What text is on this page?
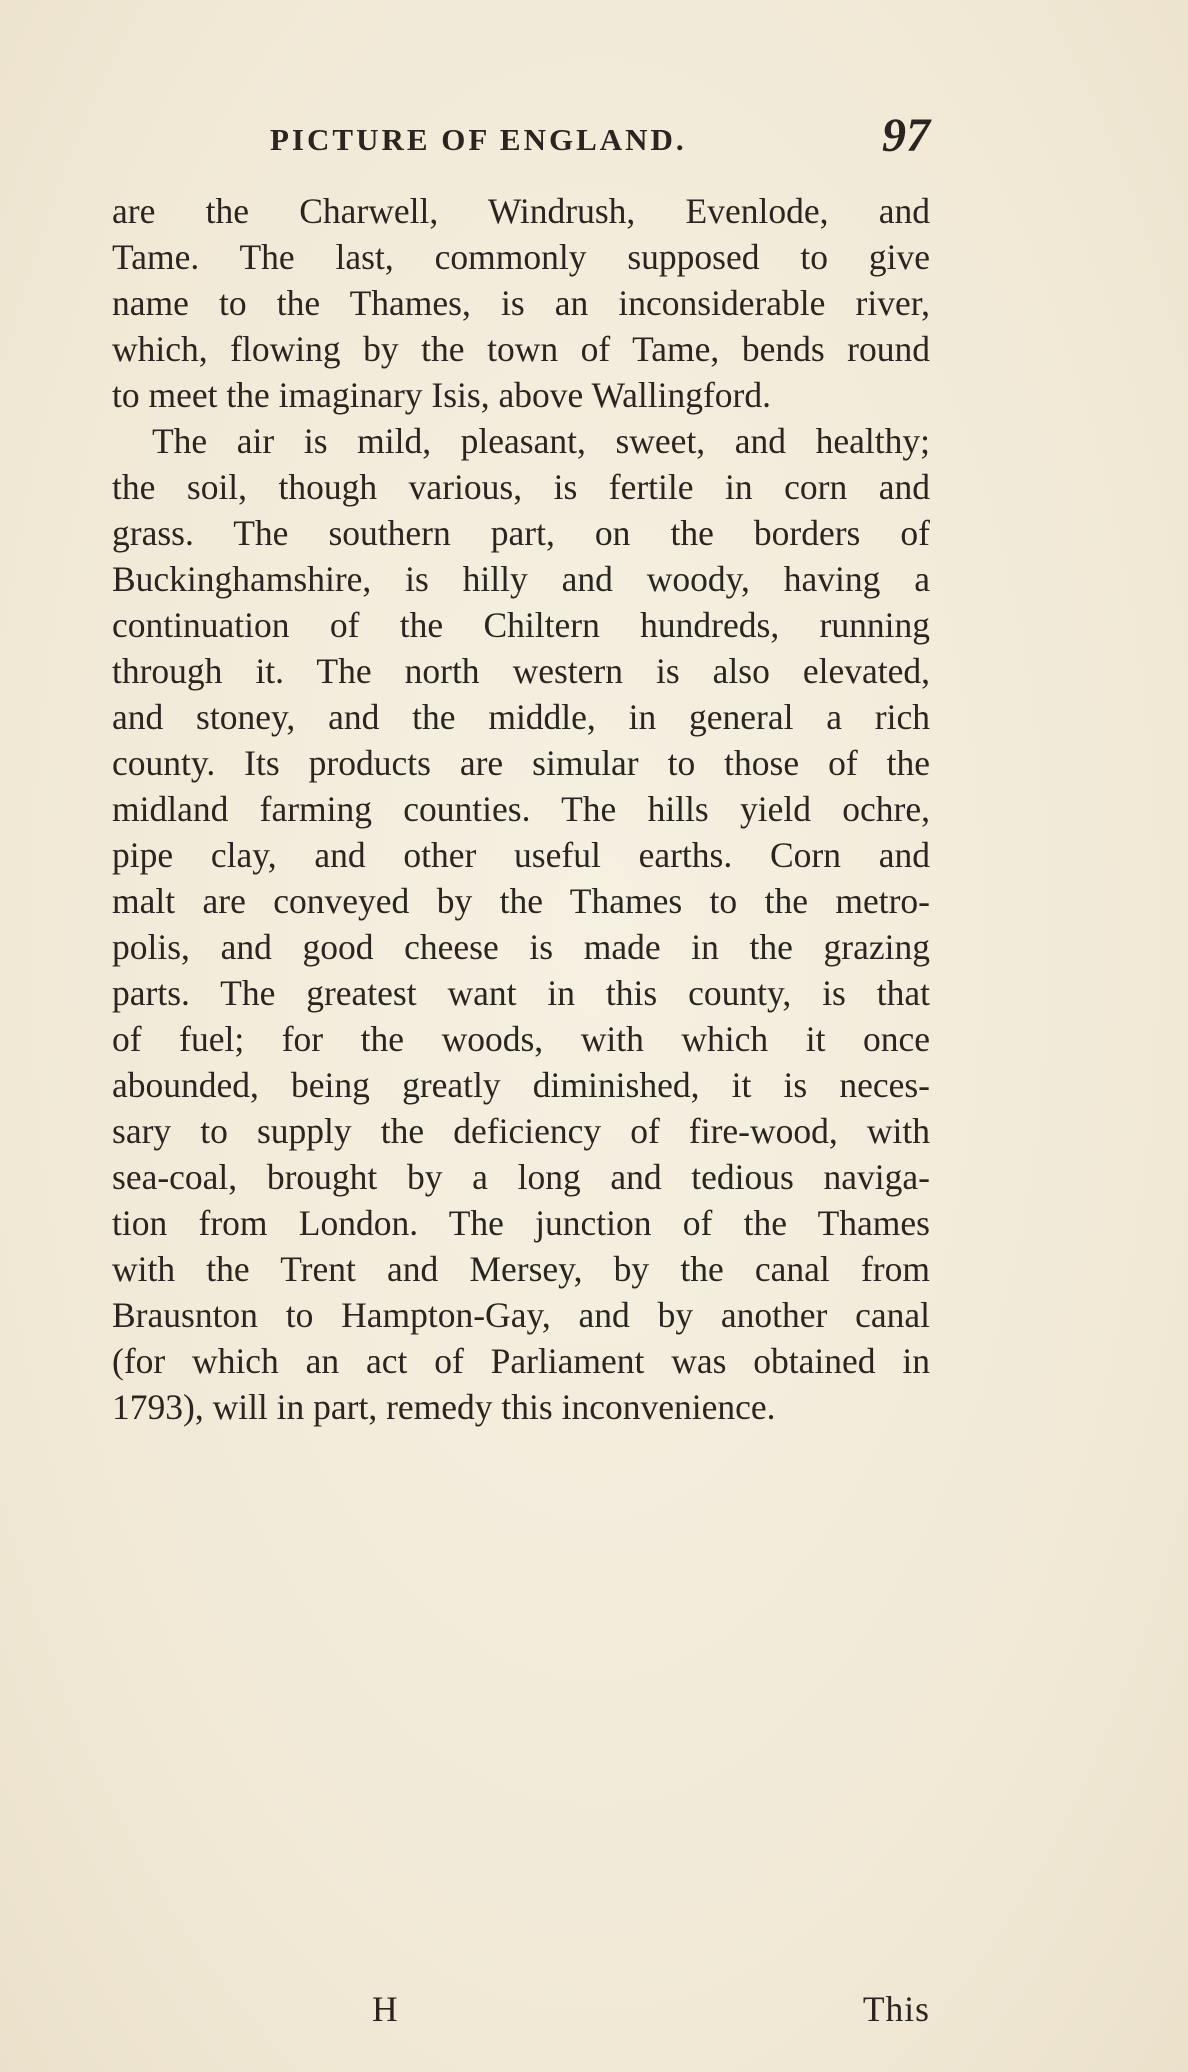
PICTURE OF ENGLAND.	97
are the Charwell, Windrush, Evenlode, and
Tame. The last, commonly supposed to give
name to the Thames, is an inconsiderable river,
which, flowing by the town of Tame, bends round
to meet the imaginary Isis, above Wallingford.
The air is mild, pleasant, sweet, and healthy;
the soil, though various, is fertile in corn and
grass. The southern part, on the borders of
Buckinghamshire, is hilly and woody, having a
continuation of the Chiltern hundreds, running
through it. The north western is also elevated,
and stoney, and the middle, in general a rich
county. Its products are simular to those of the
midland farming counties. The hills yield ochre,
pipe clay, and other useful earths. Corn and
malt are conveyed by the Thames to the metro-
polis, and good cheese is made in the grazing
parts. The greatest want in this county, is that
of fuel; for the woods, with which it once
abounded, being greatly diminished, it is neces-
sary to supply the deficiency of fire-wood, with
sea-coal, brought by a long and tedious naviga-
tion from London. The junction of the Thames
with the Trent and Mersey, by the canal from
Brausnton to Hampton-Gay, and by another canal
(for which an act of Parliament was obtained in
1793), will in part, remedy this inconvenience.
H	This
